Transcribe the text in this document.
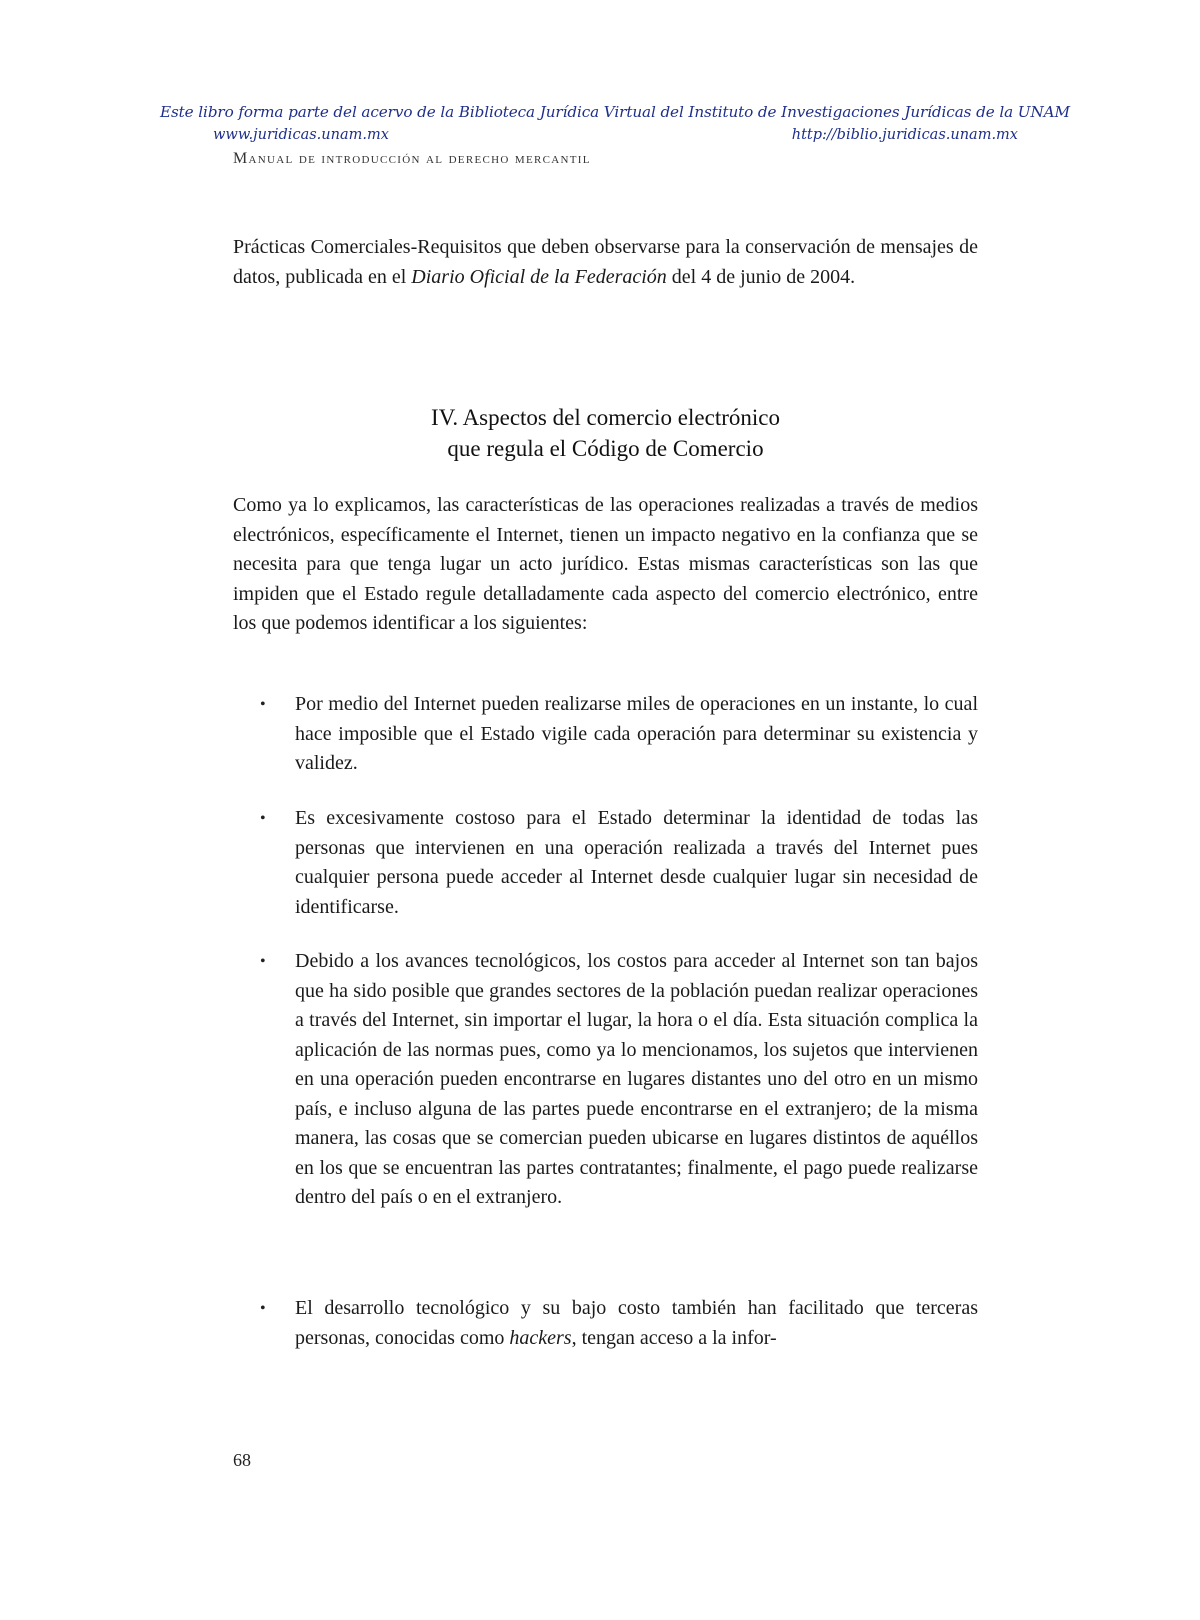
Este libro forma parte del acervo de la Biblioteca Jurídica Virtual del Instituto de Investigaciones Jurídicas de la UNAM
www.juridicas.unam.mx	http://biblio.juridicas.unam.mx
Manual de introducción al derecho mercantil

Prácticas Comerciales-Requisitos que deben observarse para la conservación de mensajes de datos, publicada en el Diario Oficial de la Federación del 4 de junio de 2004.

IV. Aspectos del comercio electrónico
que regula el Código de Comercio

Como ya lo explicamos, las características de las operaciones realizadas a través de medios electrónicos, específicamente el Internet, tienen un impacto negativo en la confianza que se necesita para que tenga lugar un acto jurídico. Estas mismas características son las que impiden que el Estado regule detalladamente cada aspecto del comercio electrónico, entre los que podemos identificar a los siguientes:

• Por medio del Internet pueden realizarse miles de operaciones en un instante, lo cual hace imposible que el Estado vigile cada operación para determinar su existencia y validez.

• Es excesivamente costoso para el Estado determinar la identidad de todas las personas que intervienen en una operación realizada a través del Internet pues cualquier persona puede acceder al Internet desde cualquier lugar sin necesidad de identificarse.

• Debido a los avances tecnológicos, los costos para acceder al Internet son tan bajos que ha sido posible que grandes sectores de la población puedan realizar operaciones a través del Internet, sin importar el lugar, la hora o el día. Esta situación complica la aplicación de las normas pues, como ya lo mencionamos, los sujetos que intervienen en una operación pueden encontrarse en lugares distantes uno del otro en un mismo país, e incluso alguna de las partes puede encontrarse en el extranjero; de la misma manera, las cosas que se comercian pueden ubicarse en lugares distintos de aquéllos en los que se encuentran las partes contratantes; finalmente, el pago puede realizarse dentro del país o en el extranjero.

• El desarrollo tecnológico y su bajo costo también han facilitado que terceras personas, conocidas como hackers, tengan acceso a la infor-

68
